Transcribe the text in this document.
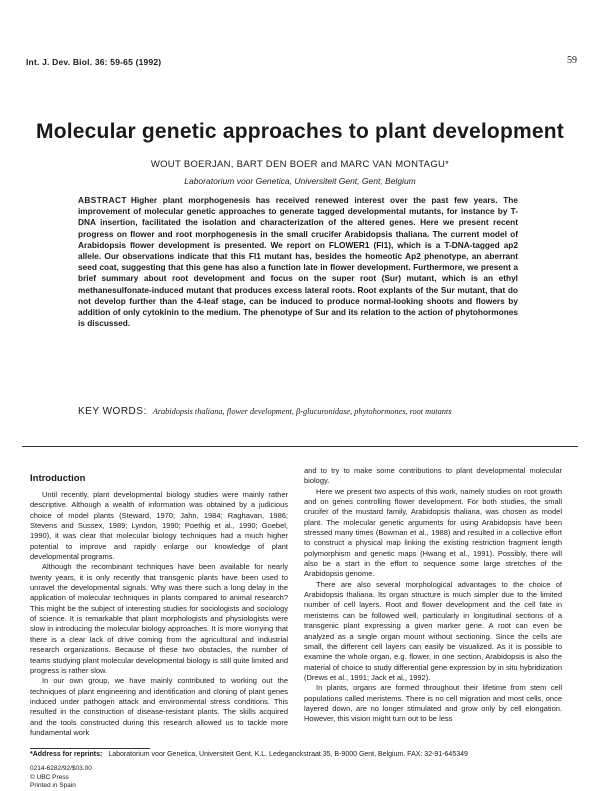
Int. J. Dev. Biol. 36: 59-65 (1992)	59
Molecular genetic approaches to plant development
WOUT BOERJAN, BART DEN BOER and MARC VAN MONTAGU*
Laboratorium voor Genetica, Universiteit Gent, Gent, Belgium
ABSTRACT Higher plant morphogenesis has received renewed interest over the past few years. The improvement of molecular genetic approaches to generate tagged developmental mutants, for instance by T-DNA insertion, facilitated the isolation and characterization of the altered genes. Here we present recent progress on flower and root morphogenesis in the small crucifer Arabidopsis thaliana. The current model of Arabidopsis flower development is presented. We report on FLOWER1 (Fl1), which is a T-DNA-tagged ap2 allele. Our observations indicate that this Fl1 mutant has, besides the homeotic Ap2 phenotype, an aberrant seed coat, suggesting that this gene has also a function late in flower development. Furthermore, we present a brief summary about root development and focus on the super root (Sur) mutant, which is an ethyl methanesulfonate-induced mutant that produces excess lateral roots. Root explants of the Sur mutant, that do not develop further than the 4-leaf stage, can be induced to produce normal-looking shoots and flowers by addition of only cytokinin to the medium. The phenotype of Sur and its relation to the action of phytohormones is discussed.
KEY WORDS: Arabidopsis thaliana, flower development, β-glucuronidase, phytohormones, root mutants
Introduction

Until recently, plant developmental biology studies were mainly rather descriptive. Although a wealth of information was obtained by a judicious choice of model plants (Steward, 1970; Jahn, 1984; Raghavan, 1986; Stevens and Sussex, 1989; Lyndon, 1990; Poethig et al., 1990; Goebel, 1990), it was clear that molecular biology techniques had a much higher potential to improve and rapidly enlarge our knowledge of plant developmental programs.

Although the recombinant techniques have been available for nearly twenty years, it is only recently that transgenic plants have been used to unravel the developmental signals. Why was there such a long delay in the application of molecular techniques in plants compared to animal research? This might be the subject of interesting studies for sociologists and sociology of science. It is remarkable that plant morphologists and physiologists were slow in introducing the molecular biology approaches. It is more worrying that there is a clear lack of drive coming from the agricultural and industrial research organizations. Because of these two obstacles, the number of teams studying plant molecular developmental biology is still quite limited and progress is rather slow.

In our own group, we have mainly contributed to working out the techniques of plant engineering and identification and cloning of plant genes induced under pathogen attack and environmental stress conditions. This resulted in the construction of disease-resistant plants. The skills acquired and the tools constructed during this research allowed us to tackle more fundamental work

and to try to make some contributions to plant developmental molecular biology.

Here we present two aspects of this work, namely studies on root growth and on genes controlling flower development. For both studies, the small crucifer of the mustard family, Arabidopsis thaliana, was chosen as model plant. The molecular genetic arguments for using Arabidopsis have been stressed many times (Bowman et al., 1988) and resulted in a collective effort to construct a physical map linking the existing restriction fragment length polymorphism and genetic maps (Hwang et al., 1991). Possibly, there will also be a start in the effort to sequence some large stretches of the Arabidopsis genome.

There are also several morphological advantages to the choice of Arabidopsis thaliana. Its organ structure is much simpler due to the limited number of cell layers. Root and flower development and the cell fate in meristems can be followed well, particularly in longitudinal sections of a transgenic plant expressing a given marker gene. A root can even be analyzed as a single organ mount without sectioning. Since the cells are small, the different cell layers can easily be visualized. As it is possible to examine the whole organ, e.g. flower, in one section, Arabidopsis is also the material of choice to study differential gene expression by in situ hybridization (Drews et al., 1991; Jack et al., 1992).

In plants, organs are formed throughout their lifetime from stem cell populations called meristems. There is no cell migration and most cells, once layered down, are no longer stimulated and grow only by cell elongation. However, this vision might turn out to be less

*Address for reprints: Laboratorium voor Genetica, Universiteit Gent, K.L. Ledeganckstraat 35, B-9000 Gent, Belgium. FAX: 32-91-645349
0214-6282/92/$03.00
© UBC Press
Printed in Spain
